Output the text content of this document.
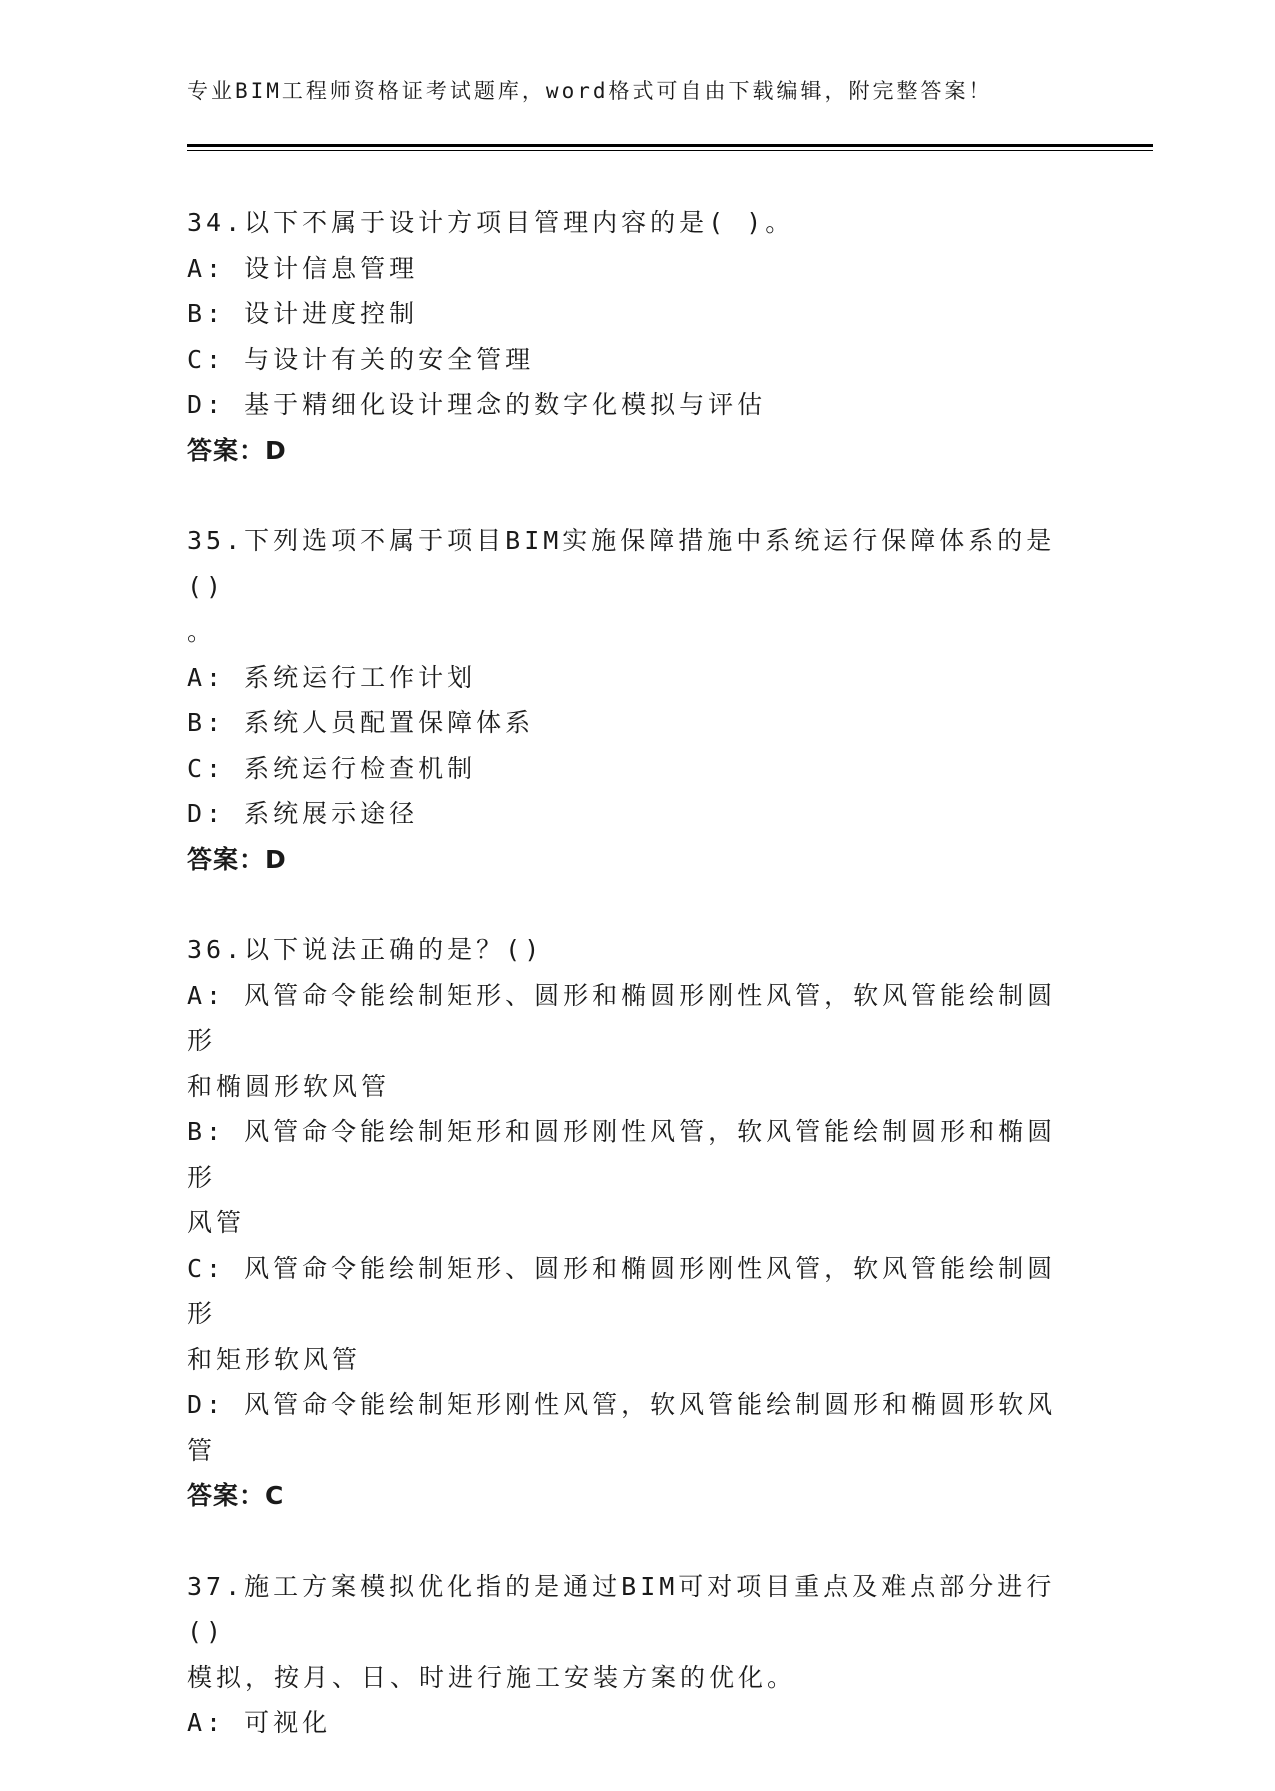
专业BIM工程师资格证考试题库，word格式可自由下载编辑，附完整答案！
34.以下不属于设计方项目管理内容的是( )。
A: 设计信息管理
B: 设计进度控制
C: 与设计有关的安全管理
D: 基于精细化设计理念的数字化模拟与评估
答案：D
35.下列选项不属于项目BIM实施保障措施中系统运行保障体系的是()
。
A: 系统运行工作计划
B: 系统人员配置保障体系
C: 系统运行检查机制
D: 系统展示途径
答案：D
36.以下说法正确的是？()
A: 风管命令能绘制矩形、圆形和椭圆形刚性风管，软风管能绘制圆形
和椭圆形软风管
B: 风管命令能绘制矩形和圆形刚性风管，软风管能绘制圆形和椭圆形
风管
C: 风管命令能绘制矩形、圆形和椭圆形刚性风管，软风管能绘制圆形
和矩形软风管
D: 风管命令能绘制矩形刚性风管，软风管能绘制圆形和椭圆形软风管
答案：C
37.施工方案模拟优化指的是通过BIM可对项目重点及难点部分进行()
模拟，按月、日、时进行施工安装方案的优化。
A: 可视化
